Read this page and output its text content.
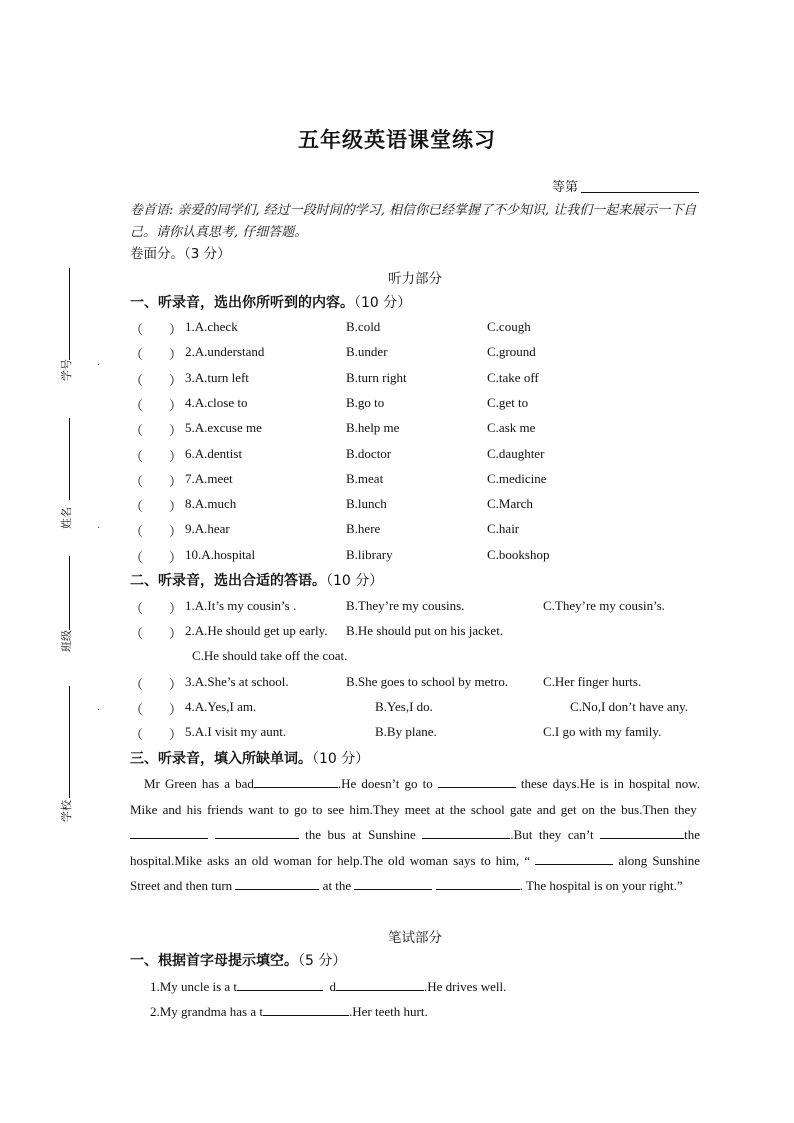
学号
姓名
班级
学校
·
·
·
五年级英语课堂练习
等第
卷首语: 亲爱的同学们, 经过一段时间的学习, 相信你已经掌握了不少知识, 让我们一起来展示一下自己。请你认真思考, 仔细答题。
卷面分。（3 分）
听力部分
一、听录音，选出你所听到的内容。（10 分）
（　　） 1.A.check	B.cold	C.cough
（　　） 2.A.understand	B.under	C.ground
（　　） 3.A.turn left	B.turn right	C.take off
（　　） 4.A.close to	B.go to	C.get to
（　　） 5.A.excuse me	B.help me	C.ask me
（　　） 6.A.dentist	B.doctor	C.daughter
（　　） 7.A.meet	B.meat	C.medicine
（　　） 8.A.much	B.lunch	C.March
（　　） 9.A.hear	B.here	C.hair
（　　） 10.A.hospital	B.library	C.bookshop
二、听录音，选出合适的答语。（10 分）
（　　） 1.A.It’s my cousin’s .	B.They’re my cousins.	C.They’re my cousin’s.
（　　） 2.A.He should get up early. B.He should put on his jacket.
C.He should take off the coat.
（　　） 3.A.She’s at school.	B.She goes to school by metro.	C.Her finger hurts.
（　　） 4.A.Yes,I am.	B.Yes,I do.	C.No,I don’t have any.
（　　） 5.A.I visit my aunt.	B.By plane.	C.I go with my family.
三、听录音，填入所缺单词。（10 分）
Mr Green has a bad	.He doesn’t go to	these days.He is in hospital now. Mike and his friends want to go to see him.They meet at the school gate and get on the bus.Then they   the bus at Sunshine	.But they can’t	the hospital.Mike asks an old woman for help.The old woman says to him, “	along Sunshine Street and then turn	at the	. The hospital is on your right.”
笔试部分
一、根据首字母提示填空。（5 分）
1.My uncle is a t	d	.He drives well.
2.My grandma has a t	.Her teeth hurt.
